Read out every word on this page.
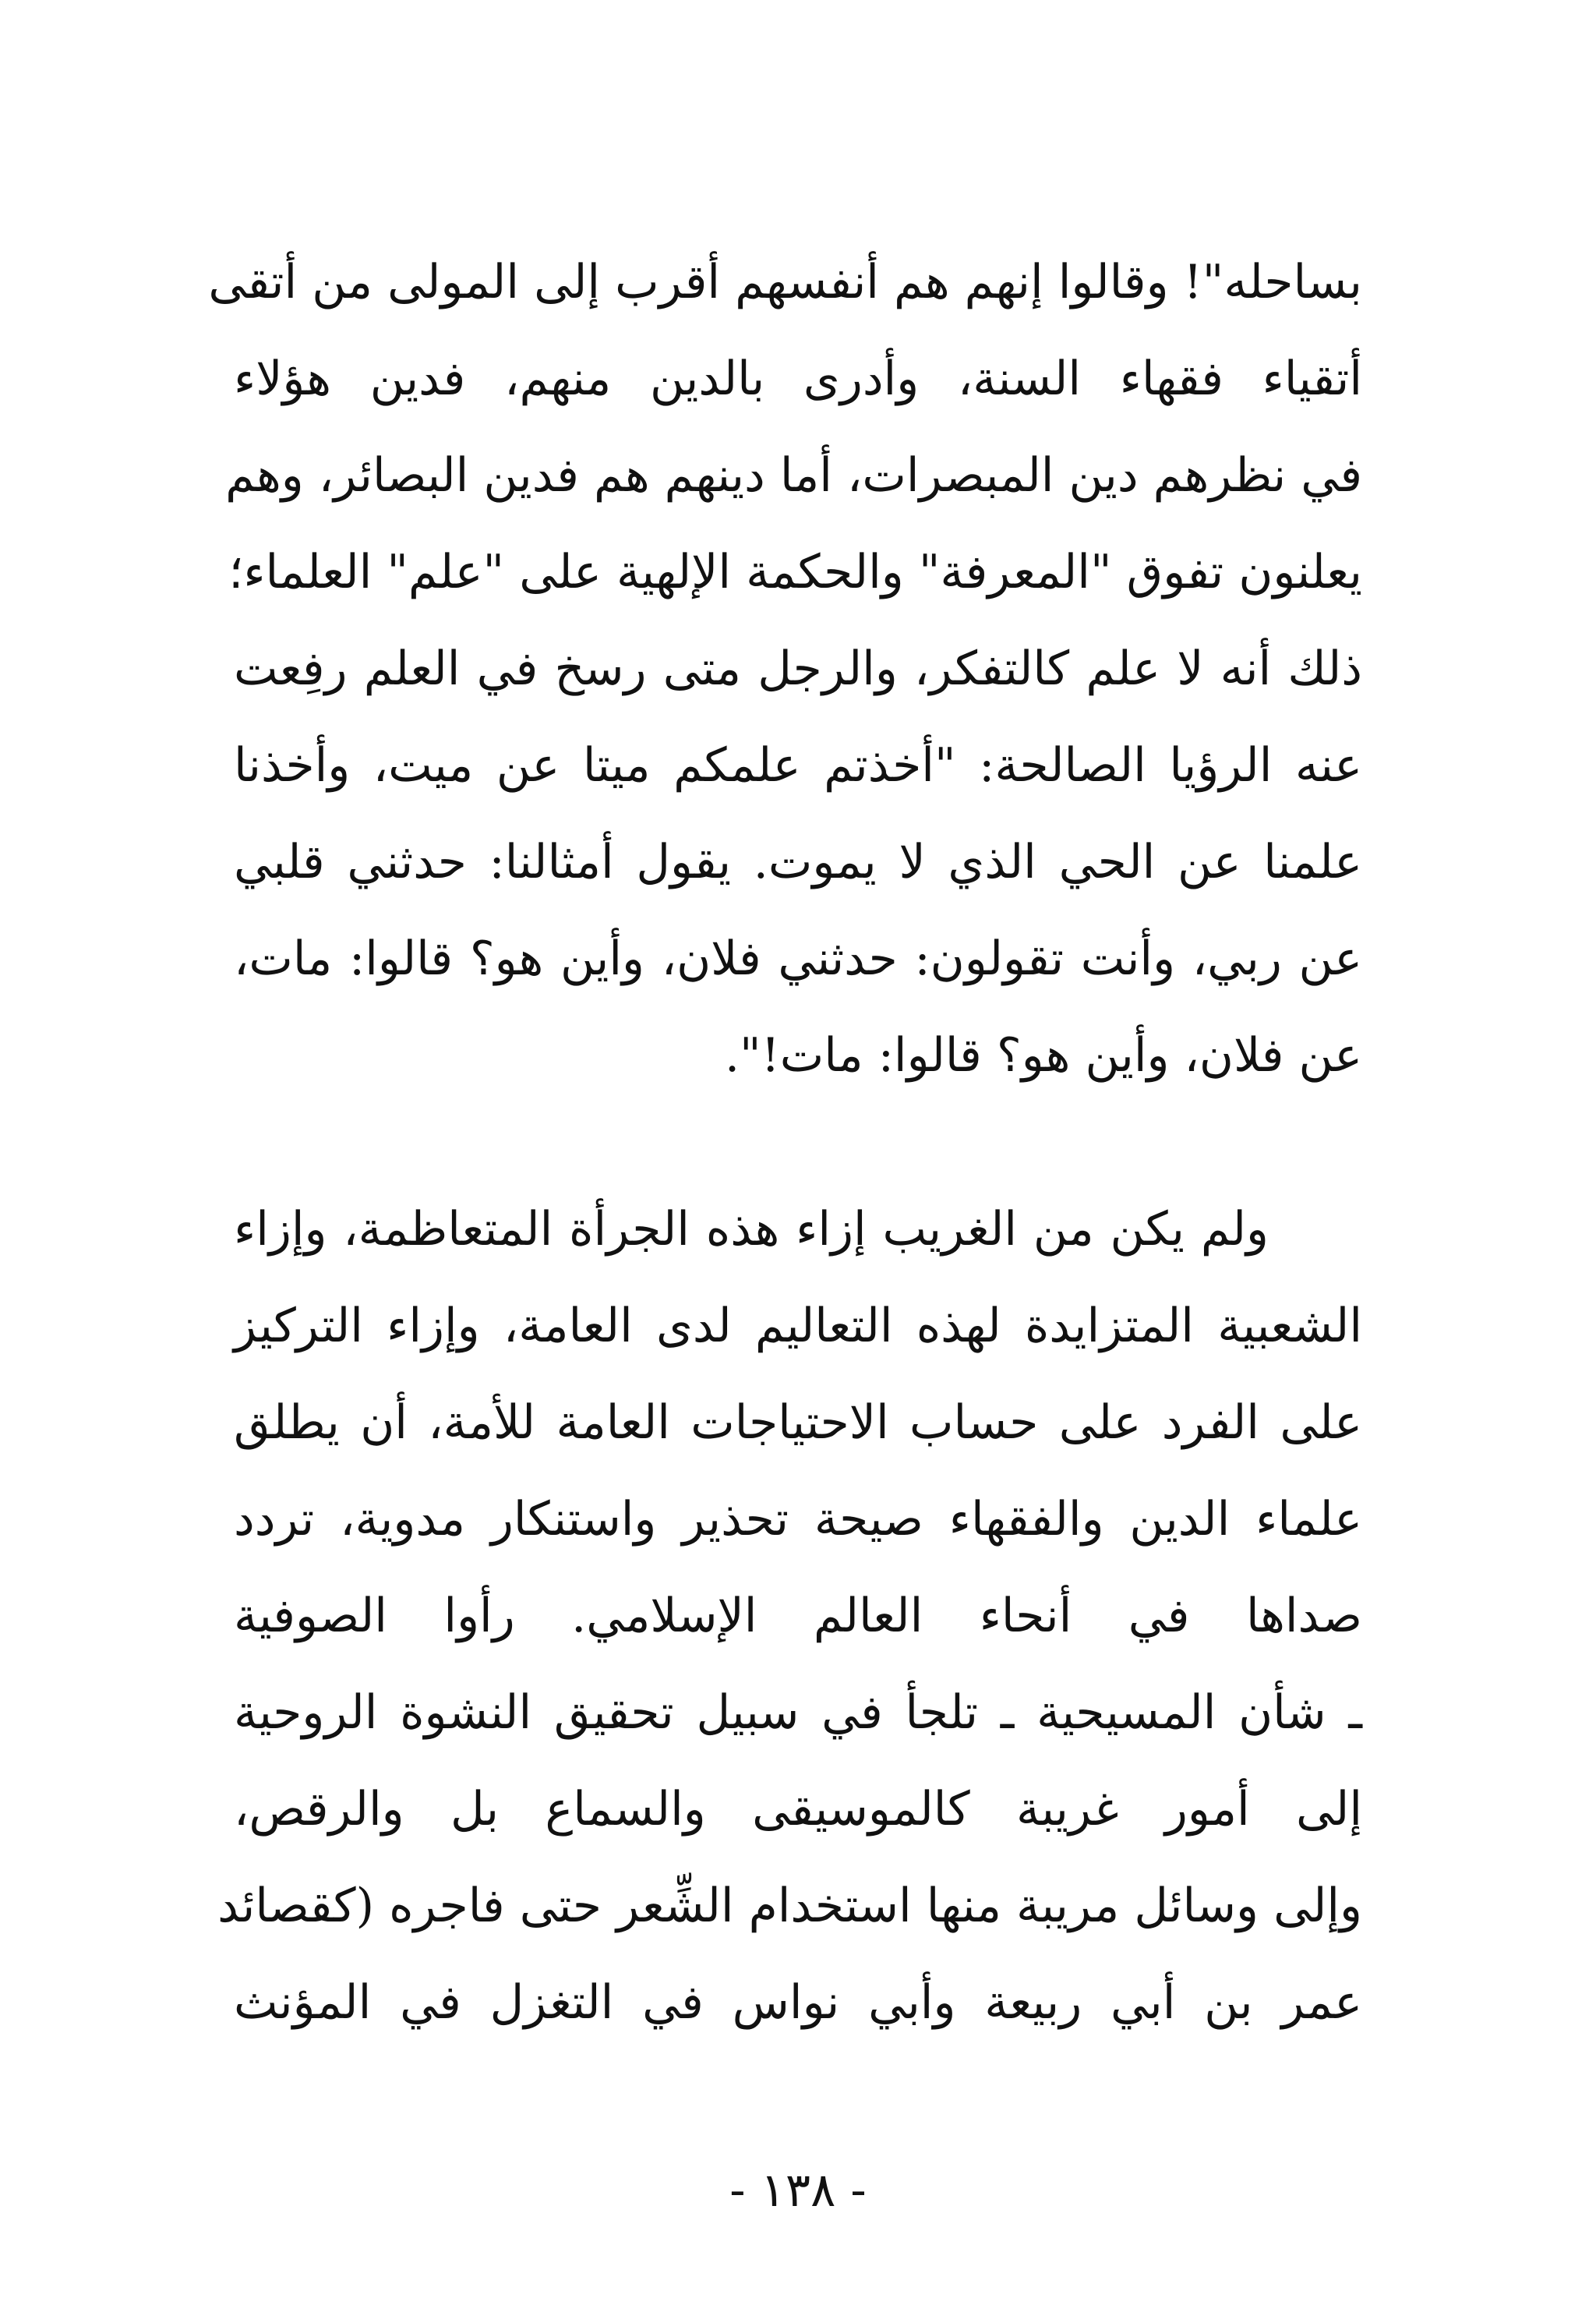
بساحله"! وقالوا إنهم هم أنفسهم أقرب إلى المولى من أتقى
أتقياء فقهاء السنة، وأدرى بالدين منهم، فدين هؤلاء
في نظرهم دين المبصرات، أما دينهم هم فدين البصائر، وهم
يعلنون تفوق "المعرفة" والحكمة الإلهية على "علم" العلماء؛
ذلك أنه لا علم كالتفكر، والرجل متى رسخ في العلم رفِعت
عنه الرؤيا الصالحة: "أخذتم علمكم ميتا عن ميت، وأخذنا
علمنا عن الحي الذي لا يموت. يقول أمثالنا: حدثني قلبي
عن ربي، وأنت تقولون: حدثني فلان، وأين هو؟ قالوا: مات،
عن فلان، وأين هو؟ قالوا: مات!".
ولم يكن من الغريب إزاء هذه الجرأة المتعاظمة، وإزاء
الشعبية المتزايدة لهذه التعاليم لدى العامة، وإزاء التركيز
على الفرد على حساب الاحتياجات العامة للأمة، أن يطلق
علماء الدين والفقهاء صيحة تحذير واستنكار مدوية، تردد
صداها في أنحاء العالم الإسلامي. رأوا الصوفية
ـ شأن المسيحية ـ تلجأ في سبيل تحقيق النشوة الروحية
إلى أمور غريبة كالموسيقى والسماع بل والرقص،
وإلى وسائل مريبة منها استخدام الشِّعر حتى فاجره (كقصائد
عمر بن أبي ربيعة وأبي نواس في التغزل في المؤنث
- ١٣٨ -
